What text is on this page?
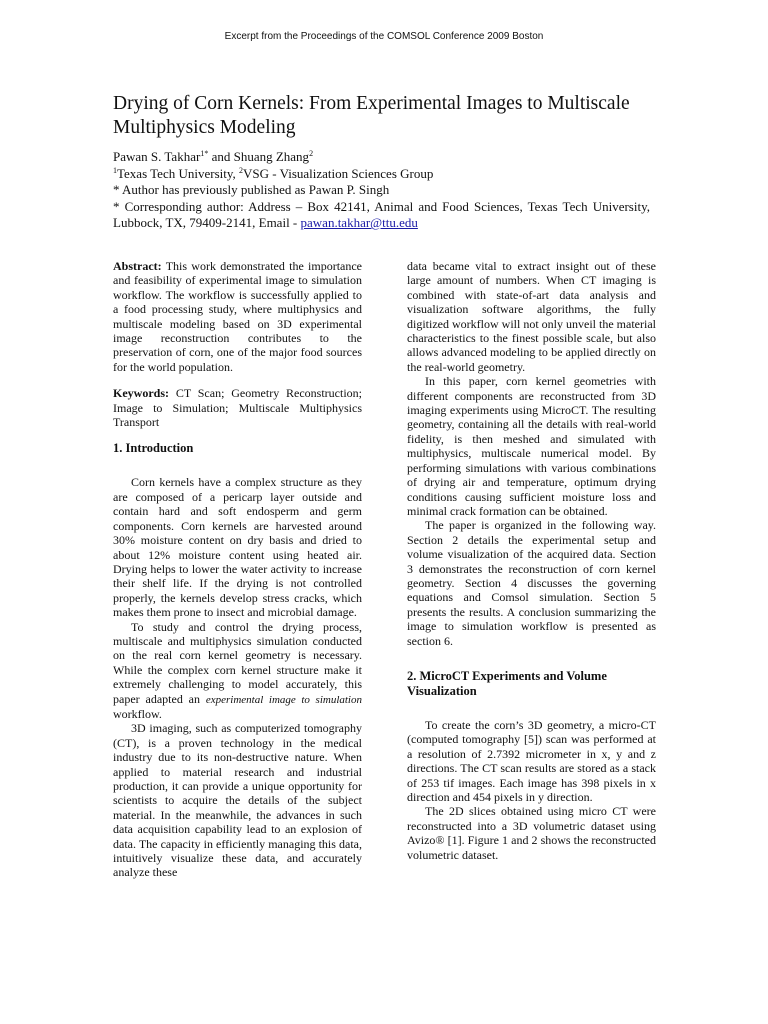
Excerpt from the Proceedings of the COMSOL Conference 2009 Boston
Drying of Corn Kernels: From Experimental Images to Multiscale Multiphysics Modeling

Pawan S. Takhar$^{1*}$ and Shuang Zhang$^2$

$^1$Texas Tech University, $^2$VSG - Visualization Sciences Group

* Author has previously published as Pawan P. Singh

* Corresponding author: Address – Box 42141, Animal and Food Sciences, Texas Tech University, Lubbock, TX, 79409-2141, Email - pawan.takhar@ttu.edu

Abstract: This work demonstrated the importance and feasibility of experimental image to simulation workflow. The workflow is successfully applied to a food processing study, where multiphysics and multiscale modeling based on 3D experimental image reconstruction contributes to the preservation of corn, one of the major food sources for the world population.

Keywords: CT Scan; Geometry Reconstruction; Image to Simulation; Multiscale Multiphysics Transport

1. Introduction

Corn kernels have a complex structure as they are composed of a pericarp layer outside and contain hard and soft endosperm and germ components. Corn kernels are harvested around 30% moisture content on dry basis and dried to about 12% moisture content using heated air. Drying helps to lower the water activity to increase their shelf life. If the drying is not controlled properly, the kernels develop stress cracks, which makes them prone to insect and microbial damage.

To study and control the drying process, multiscale and multiphysics simulation conducted on the real corn kernel geometry is necessary. While the complex corn kernel structure make it extremely challenging to model accurately, this paper adapted an experimental image to simulation workflow.

3D imaging, such as computerized tomography (CT), is a proven technology in the medical industry due to its non-destructive nature. When applied to material research and industrial production, it can provide a unique opportunity for scientists to acquire the details of the subject material. In the meanwhile, the advances in such data acquisition capability lead to an explosion of data. The capacity in efficiently managing this data, intuitively visualize these data, and accurately analyze these

data became vital to extract insight out of these large amount of numbers. When CT imaging is combined with state-of-art data analysis and visualization software algorithms, the fully digitized workflow will not only unveil the material characteristics to the finest possible scale, but also allows advanced modeling to be applied directly on the real-world geometry.

In this paper, corn kernel geometries with different components are reconstructed from 3D imaging experiments using MicroCT. The resulting geometry, containing all the details with real-world fidelity, is then meshed and simulated with multiphysics, multiscale numerical model. By performing simulations with various combinations of drying air and temperature, optimum drying conditions causing sufficient moisture loss and minimal crack formation can be obtained.

The paper is organized in the following way. Section 2 details the experimental setup and volume visualization of the acquired data. Section 3 demonstrates the reconstruction of corn kernel geometry. Section 4 discusses the governing equations and Comsol simulation. Section 5 presents the results. A conclusion summarizing the image to simulation workflow is presented as section 6.

2. MicroCT Experiments and Volume Visualization

To create the corn’s 3D geometry, a micro-CT (computed tomography [5]) scan was performed at a resolution of 2.7392 micrometer in x, y and z directions. The CT scan results are stored as a stack of 253 tif images. Each image has 398 pixels in x direction and 454 pixels in y direction.

The 2D slices obtained using micro CT were reconstructed into a 3D volumetric dataset using Avizo® [1]. Figure 1 and 2 shows the reconstructed volumetric dataset.
